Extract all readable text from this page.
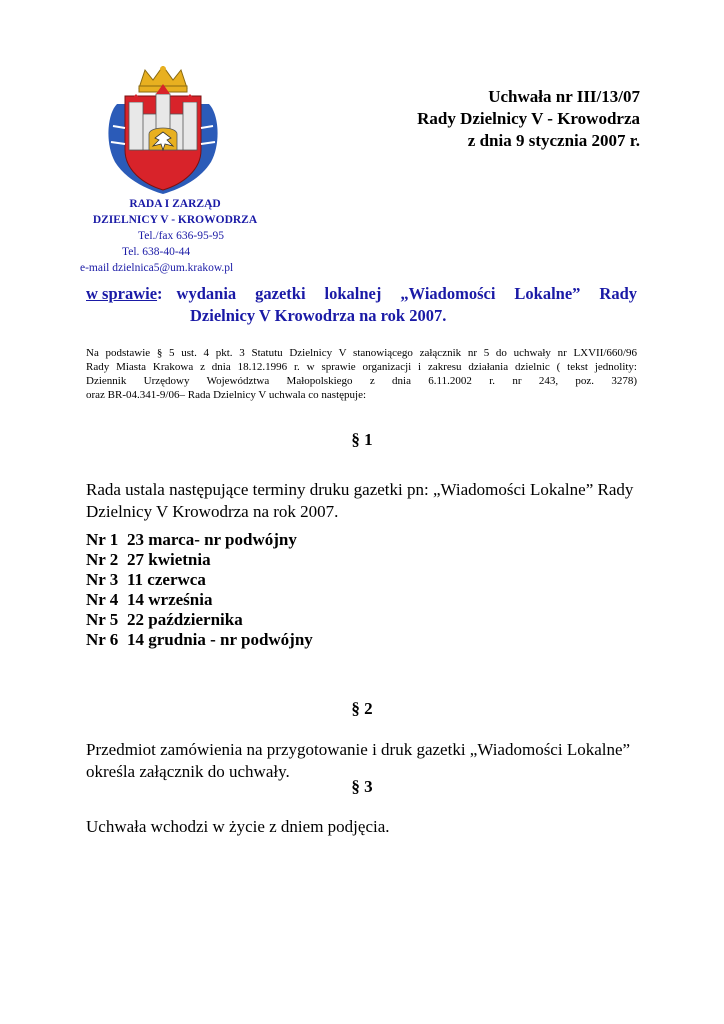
RADA I ZARZĄD
DZIELNICY V - KROWODRZA
Tel./fax 636-95-95
Tel. 638-40-44
e-mail dzielnica5@um.krakow.pl
Uchwała nr III/13/07
Rady Dzielnicy V - Krowodrza
z dnia 9 stycznia 2007 r.
w sprawie: wydania gazetki lokalnej „Wiadomości Lokalne” Rady
Dzielnicy V Krowodrza na rok 2007.
Na podstawie § 5 ust. 4 pkt. 3 Statutu Dzielnicy V stanowiącego załącznik nr 5 do uchwały nr LXVII/660/96
Rady Miasta Krakowa z dnia 18.12.1996 r. w sprawie organizacji i zakresu działania dzielnic ( tekst jednolity:
Dziennik Urzędowy Województwa Małopolskiego z dnia 6.11.2002 r. nr 243, poz. 3278)
oraz BR-04.341-9/06– Rada Dzielnicy V uchwala co następuje:
§ 1
Rada ustala następujące terminy druku gazetki pn: „Wiadomości Lokalne” Rady Dzielnicy V Krowodrza na rok 2007.
Nr 1 23 marca- nr podwójny
Nr 2 27 kwietnia
Nr 3 11 czerwca
Nr 4 14 września
Nr 5 22 października
Nr 6 14 grudnia - nr podwójny
§ 2
Przedmiot zamówienia na przygotowanie i druk gazetki „Wiadomości Lokalne” określa załącznik do uchwały.
§ 3
Uchwała wchodzi w życie z dniem podjęcia.
